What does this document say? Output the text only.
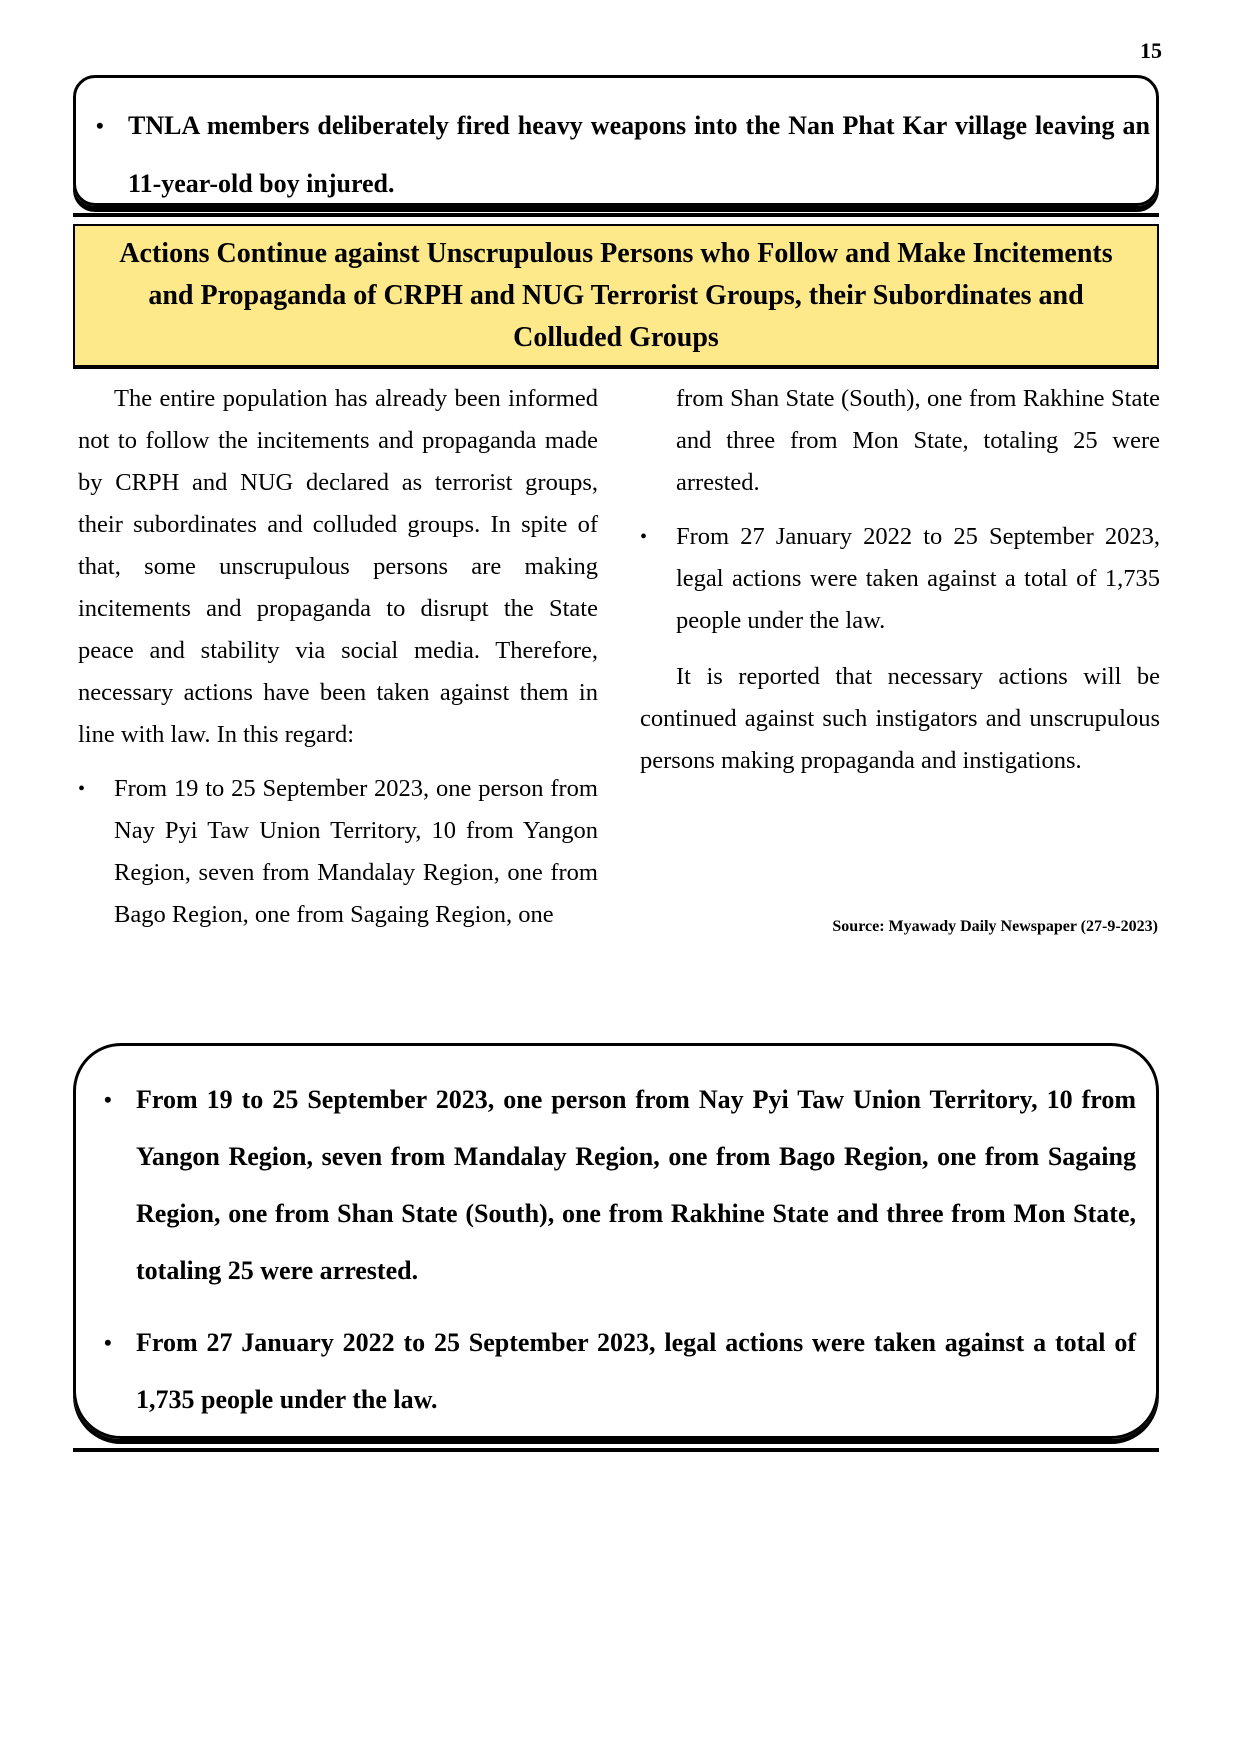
15
• TNLA members deliberately fired heavy weapons into the Nan Phat Kar village leaving an 11-year-old boy injured.
Actions Continue against Unscrupulous Persons who Follow and Make Incitements and Propaganda of CRPH and NUG Terrorist Groups, their Subordinates and Colluded Groups

The entire population has already been informed not to follow the incitements and propaganda made by CRPH and NUG declared as terrorist groups, their subordinates and colluded groups. In spite of that, some unscrupulous persons are making incitements and propaganda to disrupt the State peace and stability via social media. Therefore, necessary actions have been taken against them in line with law. In this regard:

• From 19 to 25 September 2023, one person from Nay Pyi Taw Union Territory, 10 from Yangon Region, seven from Mandalay Region, one from Bago Region, one from Sagaing Region, one
from Shan State (South), one from Rakhine State and three from Mon State, totaling 25 were arrested.
• From 27 January 2022 to 25 September 2023, legal actions were taken against a total of 1,735 people under the law.

It is reported that necessary actions will be continued against such instigators and unscrupulous persons making propaganda and instigations.

Source: Myawady Daily Newspaper (27-9-2023)
• From 19 to 25 September 2023, one person from Nay Pyi Taw Union Territory, 10 from Yangon Region, seven from Mandalay Region, one from Bago Region, one from Sagaing Region, one from Shan State (South), one from Rakhine State and three from Mon State, totaling 25 were arrested.
• From 27 January 2022 to 25 September 2023, legal actions were taken against a total of 1,735 people under the law.
